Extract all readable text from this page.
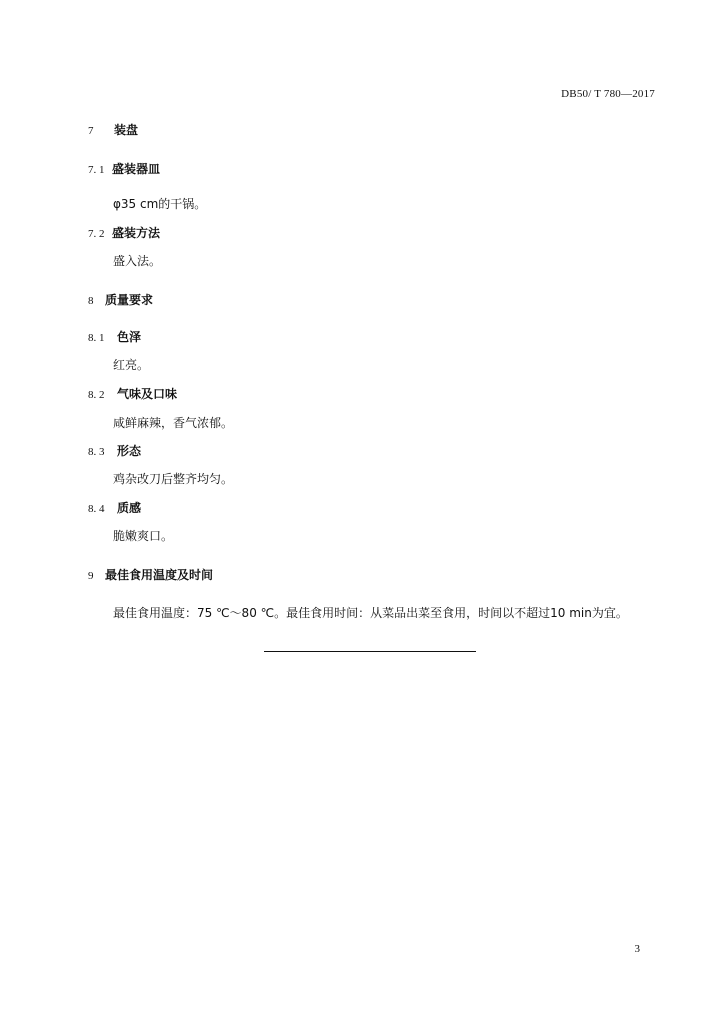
DB50/ T 780—2017
7 装盘
7. 1 盛装器皿
φ35 cm的干锅。
7. 2 盛装方法
盛入法。
8 质量要求
8. 1 色泽
红亮。
8. 2 气味及口味
咸鲜麻辣，香气浓郁。
8. 3 形态
鸡杂改刀后整齐均匀。
8. 4 质感
脆嫩爽口。
9 最佳食用温度及时间
最佳食用温度：75 ℃～80 ℃。最佳食用时间：从菜品出菜至食用，时间以不超过10 min为宜。
3
